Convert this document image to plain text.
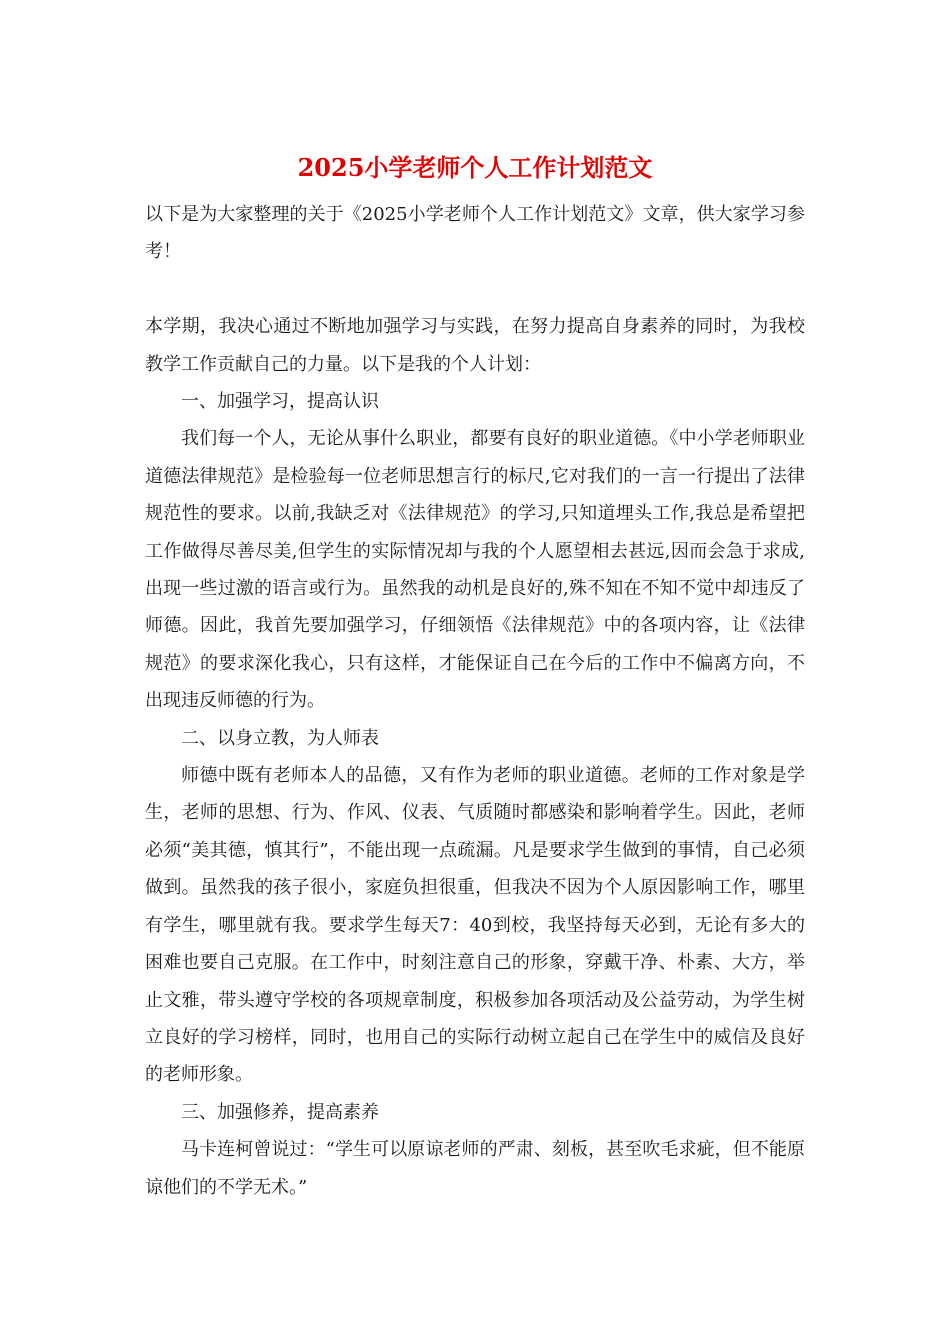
2025小学老师个人工作计划范文

以下是为大家整理的关于《2025小学老师个人工作计划范文》文章，供大家学习参考！

本学期，我决心通过不断地加强学习与实践，在努力提高自身素养的同时，为我校教学工作贡献自己的力量。以下是我的个人计划：

一、加强学习，提高认识

我们每一个人，无论从事什么职业，都要有良好的职业道德。《中小学老师职业道德法律规范》是检验每一位老师思想言行的标尺,它对我们的一言一行提出了法律规范性的要求。以前,我缺乏对《法律规范》的学习,只知道埋头工作,我总是希望把工作做得尽善尽美,但学生的实际情况却与我的个人愿望相去甚远,因而会急于求成,出现一些过激的语言或行为。虽然我的动机是良好的,殊不知在不知不觉中却违反了师德。因此，我首先要加强学习，仔细领悟《法律规范》中的各项内容，让《法律规范》的要求深化我心，只有这样，才能保证自己在今后的工作中不偏离方向，不出现违反师德的行为。

二、以身立教，为人师表

师德中既有老师本人的品德，又有作为老师的职业道德。老师的工作对象是学生，老师的思想、行为、作风、仪表、气质随时都感染和影响着学生。因此，老师必须“美其德，慎其行”，不能出现一点疏漏。凡是要求学生做到的事情，自己必须做到。虽然我的孩子很小，家庭负担很重，但我决不因为个人原因影响工作，哪里有学生，哪里就有我。要求学生每天7：40到校，我坚持每天必到，无论有多大的困难也要自己克服。在工作中，时刻注意自己的形象，穿戴干净、朴素、大方，举止文雅，带头遵守学校的各项规章制度，积极参加各项活动及公益劳动，为学生树立良好的学习榜样，同时，也用自己的实际行动树立起自己在学生中的威信及良好的老师形象。

三、加强修养，提高素养

马卡连柯曾说过：“学生可以原谅老师的严肃、刻板，甚至吹毛求疵，但不能原谅他们的不学无术。”
